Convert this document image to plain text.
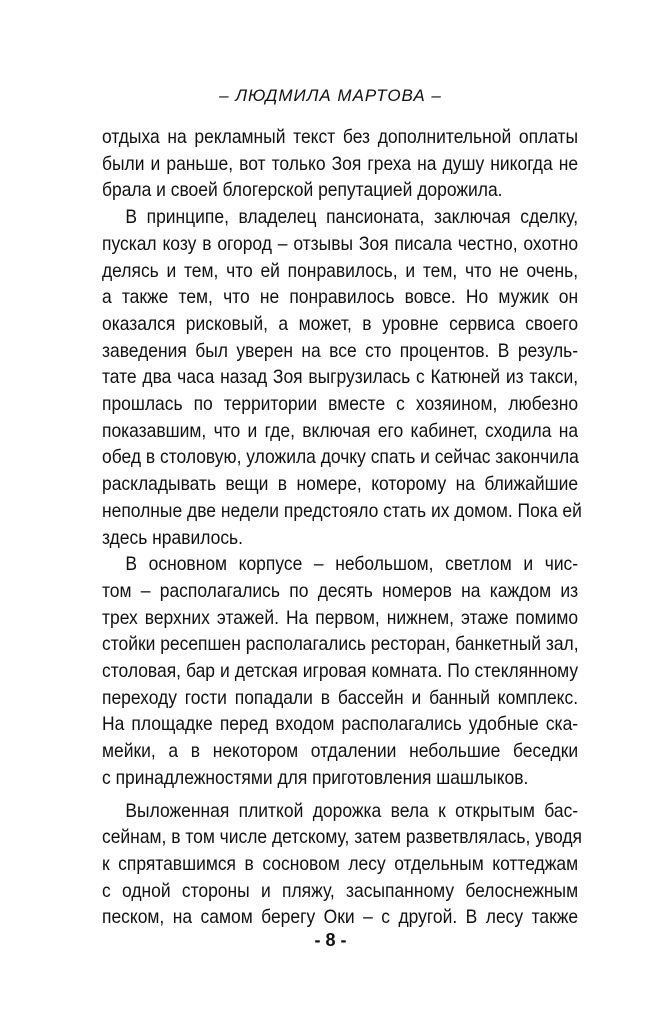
– ЛЮДМИЛА МАРТОВА –
отдыха на рекламный текст без дополнительной оплаты
были и раньше, вот только Зоя греха на душу никогда не
брала и своей блогерской репутацией дорожила.
В принципе, владелец пансионата, заключая сделку,
пускал козу в огород – отзывы Зоя писала честно, охотно
делясь и тем, что ей понравилось, и тем, что не очень,
а также тем, что не понравилось вовсе. Но мужик он
оказался рисковый, а может, в уровне сервиса своего
заведения был уверен на все сто процентов. В резуль-
тате два часа назад Зоя выгрузилась с Катюней из такси,
прошлась по территории вместе с хозяином, любезно
показавшим, что и где, включая его кабинет, сходила на
обед в столовую, уложила дочку спать и сейчас закончила
раскладывать вещи в номере, которому на ближайшие
неполные две недели предстояло стать их домом. Пока ей
здесь нравилось.
В основном корпусе – небольшом, светлом и чис-
том – располагались по десять номеров на каждом из
трех верхних этажей. На первом, нижнем, этаже помимо
стойки ресепшен располагались ресторан, банкетный зал,
столовая, бар и детская игровая комната. По стеклянному
переходу гости попадали в бассейн и банный комплекс.
На площадке перед входом располагались удобные ска-
мейки, а в некотором отдалении небольшие беседки
с принадлежностями для приготовления шашлыков.
Выложенная плиткой дорожка вела к открытым бас-
сейнам, в том числе детскому, затем разветвлялась, уводя
к спрятавшимся в сосновом лесу отдельным коттеджам
с одной стороны и пляжу, засыпанному белоснежным
песком, на самом берегу Оки – с другой. В лесу также
- 8 -
